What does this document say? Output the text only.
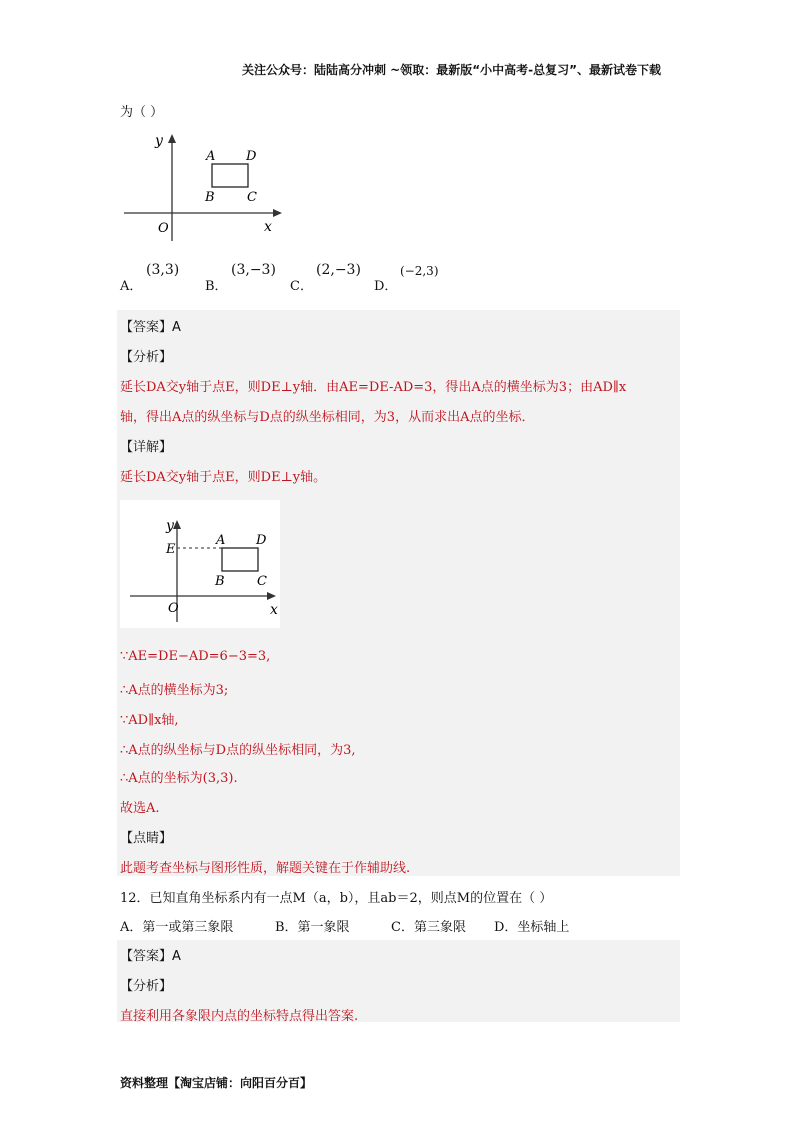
关注公众号：陆陆高分冲刺 ~领取：最新版“小中高考-总复习”、最新试卷下载
为（ ）
y
x
O
A D
B C
A．
(3,3)
B．
(3,−3)
C．
(2,−3)
D．
(−2,3)
【答案】A
【分析】
延长DA交y轴于点E，则DE⊥y轴．由AE=DE-AD=3，得出A点的横坐标为3；由AD∥x
轴，得出A点的纵坐标与D点的纵坐标相同，为3，从而求出A点的坐标．
【详解】
延长DA交y轴于点E，则DE⊥y轴。
y
x
O
E
A D
B C
∵AE=DE−AD=6−3=3,
∴A点的横坐标为3;
∵AD∥x轴,
∴A点的纵坐标与D点的纵坐标相同，为3,
∴A点的坐标为(3,3).
故选A.
【点睛】
此题考查坐标与图形性质，解题关键在于作辅助线.
12．已知直角坐标系内有一点M（a，b），且ab＝2，则点M的位置在（ ）
A．第一或第三象限	B．第一象限	C．第三象限 D．坐标轴上
【答案】A
【分析】
直接利用各象限内点的坐标特点得出答案.
资料整理【淘宝店铺：向阳百分百】
